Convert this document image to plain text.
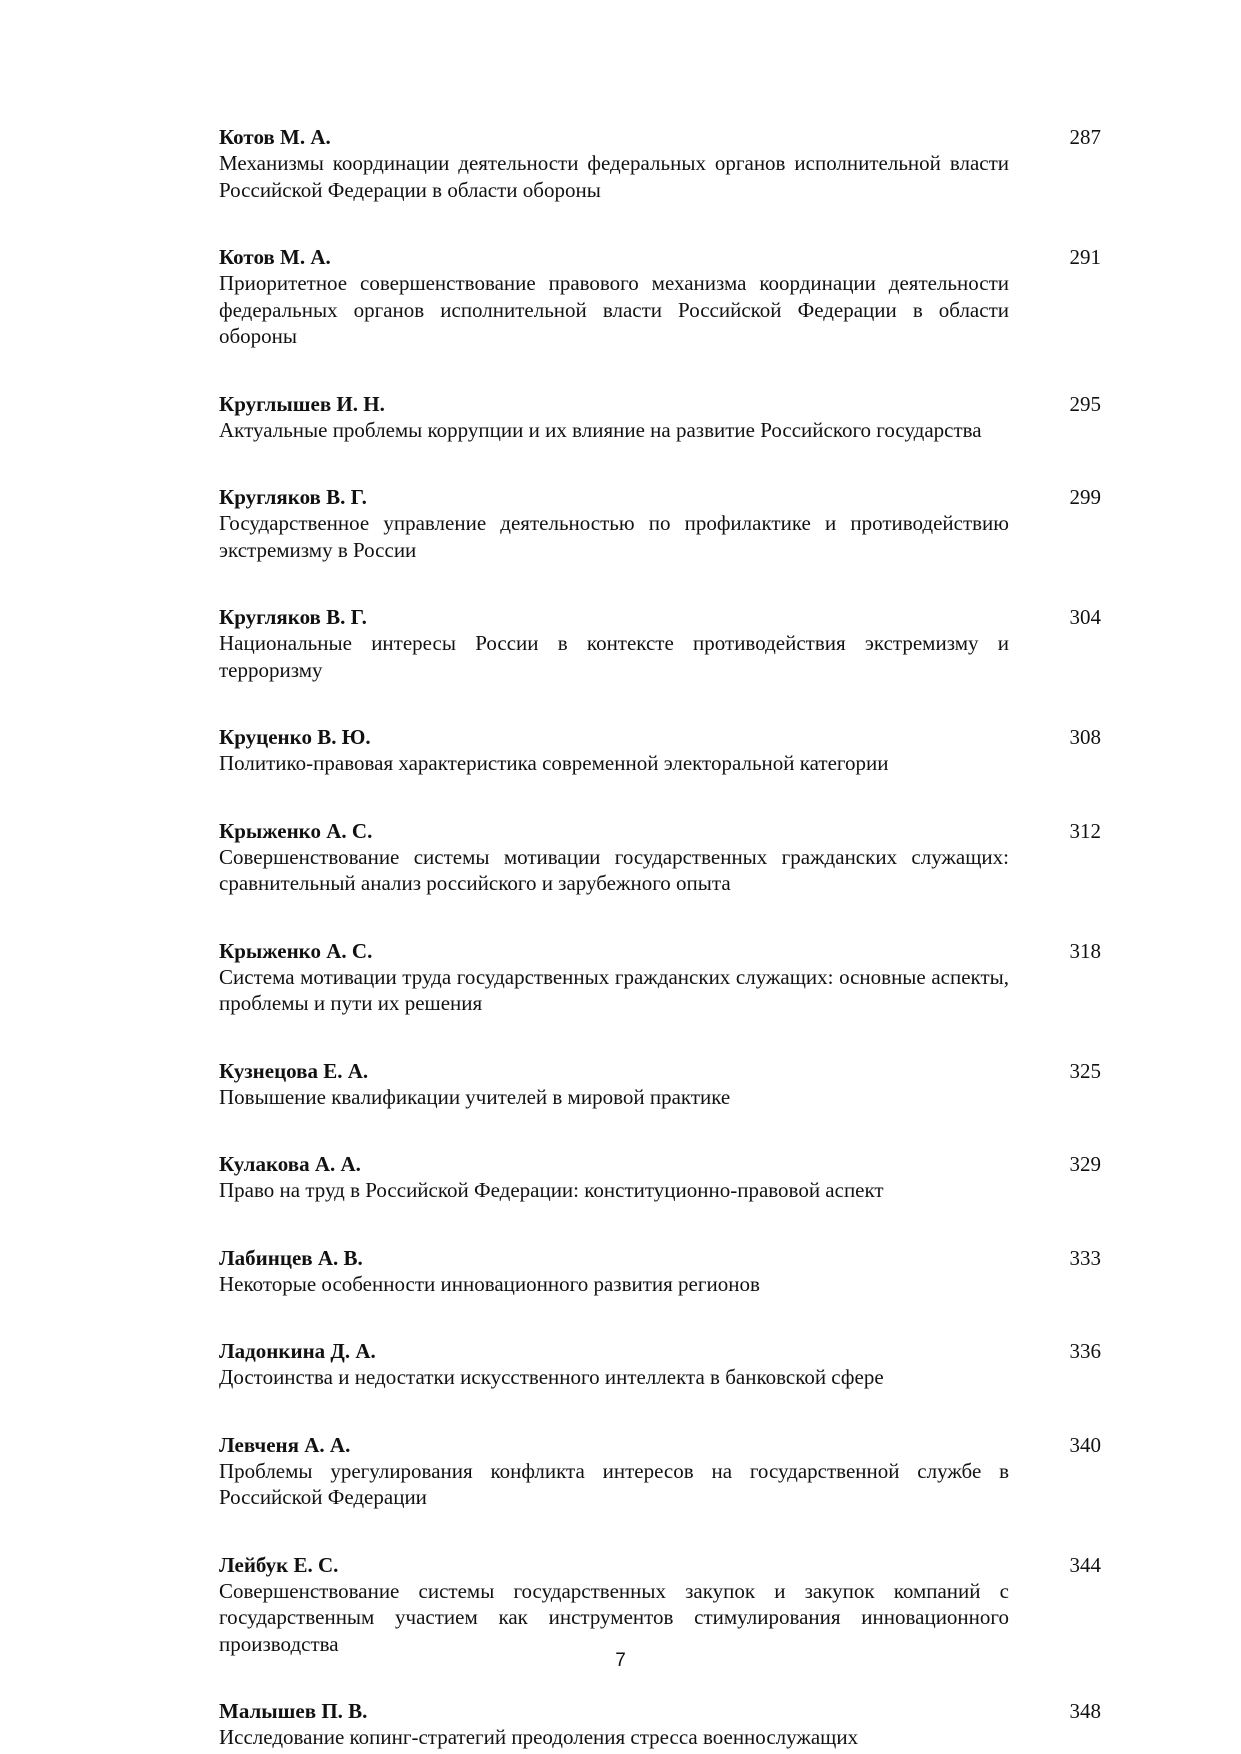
Котов М. А.
Механизмы координации деятельности федеральных органов исполнительной власти Российской Федерации в области обороны
287
Котов М. А.
Приоритетное совершенствование правового механизма координации деятельности федеральных органов исполнительной власти Российской Федерации в области обороны
291
Круглышев И. Н.
Актуальные проблемы коррупции и их влияние на развитие Российского государства
295
Кругляков В. Г.
Государственное управление деятельностью по профилактике и противодействию экстремизму в России
299
Кругляков В. Г.
Национальные интересы России в контексте противодействия экстремизму и терроризму
304
Круценко В. Ю.
Политико-правовая характеристика современной электоральной категории
308
Крыженко А. С.
Совершенствование системы мотивации государственных гражданских служащих: сравнительный анализ российского и зарубежного опыта
312
Крыженко А. С.
Система мотивации труда государственных гражданских служащих: основные аспекты, проблемы и пути их решения
318
Кузнецова Е. А.
Повышение квалификации учителей в мировой практике
325
Кулакова А. А.
Право на труд в Российской Федерации: конституционно-правовой аспект
329
Лабинцев А. В.
Некоторые особенности инновационного развития регионов
333
Ладонкина Д. А.
Достоинства и недостатки искусственного интеллекта в банковской сфере
336
Левченя А. А.
Проблемы урегулирования конфликта интересов на государственной службе в Российской Федерации
340
Лейбук Е. С.
Совершенствование системы государственных закупок и закупок компаний с государственным участием как инструментов стимулирования инновационного производства
344
Малышев П. В.
Исследование копинг-стратегий преодоления стресса военнослужащих
348
7
